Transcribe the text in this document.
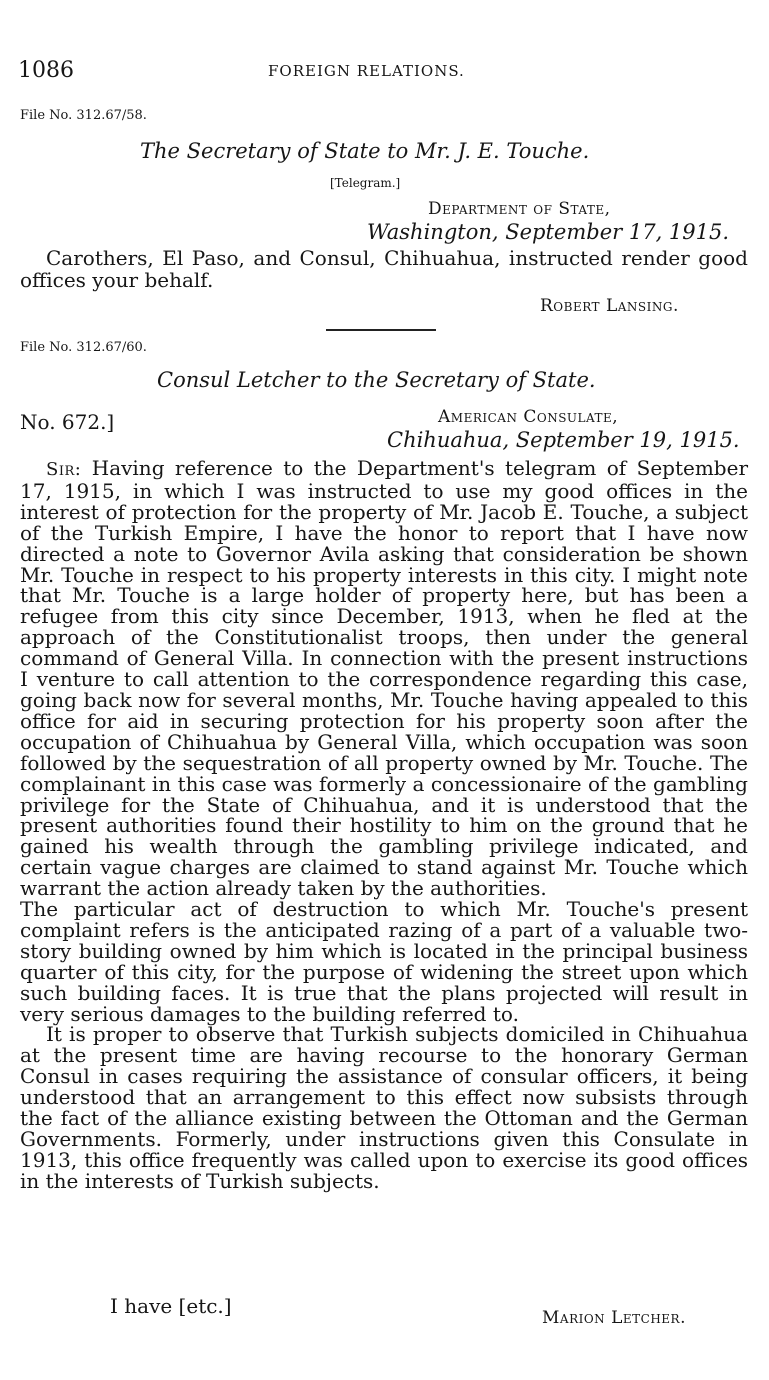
1086	FOREIGN RELATIONS.
File No. 312.67/58.
The Secretary of State to Mr. J. E. Touche.
[Telegram.]
Department of State,
Washington, September 17, 1915.

Carothers, El Paso, and Consul, Chihuahua, instructed render good offices your behalf.

Robert Lansing.
File No. 312.67/60.
Consul Letcher to the Secretary of State.
No. 672.]	American Consulate,
Chihuahua, September 19, 1915.

Sir: Having reference to the Department's telegram of September 17, 1915, in which I was instructed to use my good offices in the interest of protection for the property of Mr. Jacob E. Touche, a subject of the Turkish Empire, I have the honor to report that I have now directed a note to Governor Avila asking that consideration be shown Mr. Touche in respect to his property interests in this city. I might note that Mr. Touche is a large holder of property here, but has been a refugee from this city since December, 1913, when he fled at the approach of the Constitutionalist troops, then under the general command of General Villa. In connection with the present instructions I venture to call attention to the correspondence regarding this case, going back now for several months, Mr. Touche having appealed to this office for aid in securing protection for his property soon after the occupation of Chihuahua by General Villa, which occupation was soon followed by the sequestration of all property owned by Mr. Touche. The complainant in this case was formerly a concessionaire of the gambling privilege for the State of Chihuahua, and it is understood that the present authorities found their hostility to him on the ground that he gained his wealth through the gambling privilege indicated, and certain vague charges are claimed to stand against Mr. Touche which warrant the action already taken by the authorities.

The particular act of destruction to which Mr. Touche's present complaint refers is the anticipated razing of a part of a valuable two-story building owned by him which is located in the principal business quarter of this city, for the purpose of widening the street upon which such building faces. It is true that the plans projected will result in very serious damages to the building referred to.

It is proper to observe that Turkish subjects domiciled in Chihuahua at the present time are having recourse to the honorary German Consul in cases requiring the assistance of consular officers, it being understood that an arrangement to this effect now subsists through the fact of the alliance existing between the Ottoman and the German Governments. Formerly, under instructions given this Consulate in 1913, this office frequently was called upon to exercise its good offices in the interests of Turkish subjects.

I have [etc.]	Marion Letcher.
